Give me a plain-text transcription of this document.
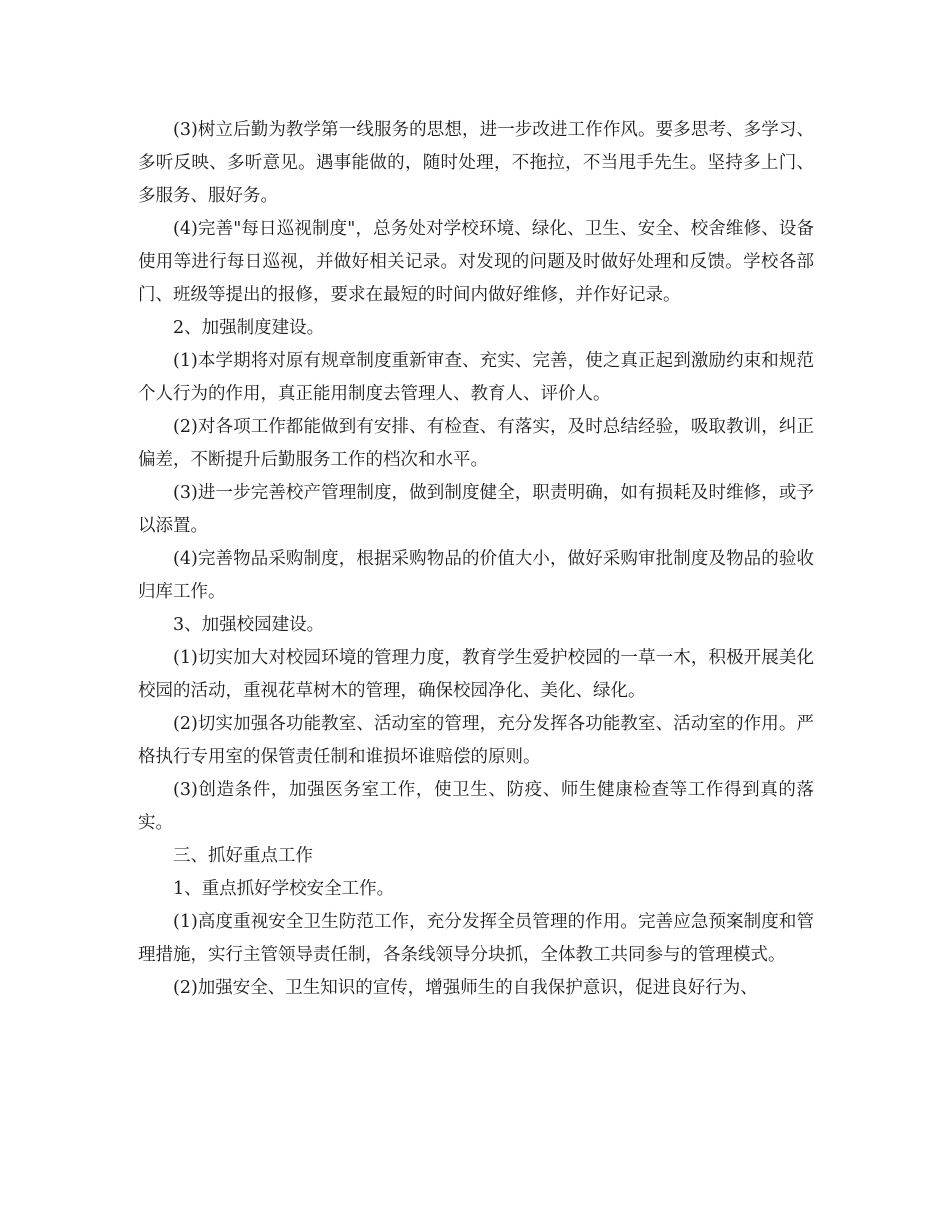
(3)树立后勤为教学第一线服务的思想，进一步改进工作作风。要多思考、多学习、多听反映、多听意见。遇事能做的，随时处理，不拖拉，不当甩手先生。坚持多上门、多服务、服好务。

(4)完善"每日巡视制度"，总务处对学校环境、绿化、卫生、安全、校舍维修、设备使用等进行每日巡视，并做好相关记录。对发现的问题及时做好处理和反馈。学校各部门、班级等提出的报修，要求在最短的时间内做好维修，并作好记录。

2、加强制度建设。

(1)本学期将对原有规章制度重新审查、充实、完善，使之真正起到激励约束和规范个人行为的作用，真正能用制度去管理人、教育人、评价人。

(2)对各项工作都能做到有安排、有检查、有落实，及时总结经验，吸取教训，纠正偏差，不断提升后勤服务工作的档次和水平。

(3)进一步完善校产管理制度，做到制度健全，职责明确，如有损耗及时维修，或予以添置。

(4)完善物品采购制度，根据采购物品的价值大小，做好采购审批制度及物品的验收归库工作。

3、加强校园建设。

(1)切实加大对校园环境的管理力度，教育学生爱护校园的一草一木，积极开展美化校园的活动，重视花草树木的管理，确保校园净化、美化、绿化。

(2)切实加强各功能教室、活动室的管理，充分发挥各功能教室、活动室的作用。严格执行专用室的保管责任制和谁损坏谁赔偿的原则。

(3)创造条件，加强医务室工作，使卫生、防疫、师生健康检查等工作得到真的落实。

三、抓好重点工作

1、重点抓好学校安全工作。

(1)高度重视安全卫生防范工作，充分发挥全员管理的作用。完善应急预案制度和管理措施，实行主管领导责任制，各条线领导分块抓，全体教工共同参与的管理模式。

(2)加强安全、卫生知识的宣传，增强师生的自我保护意识，促进良好行为、
